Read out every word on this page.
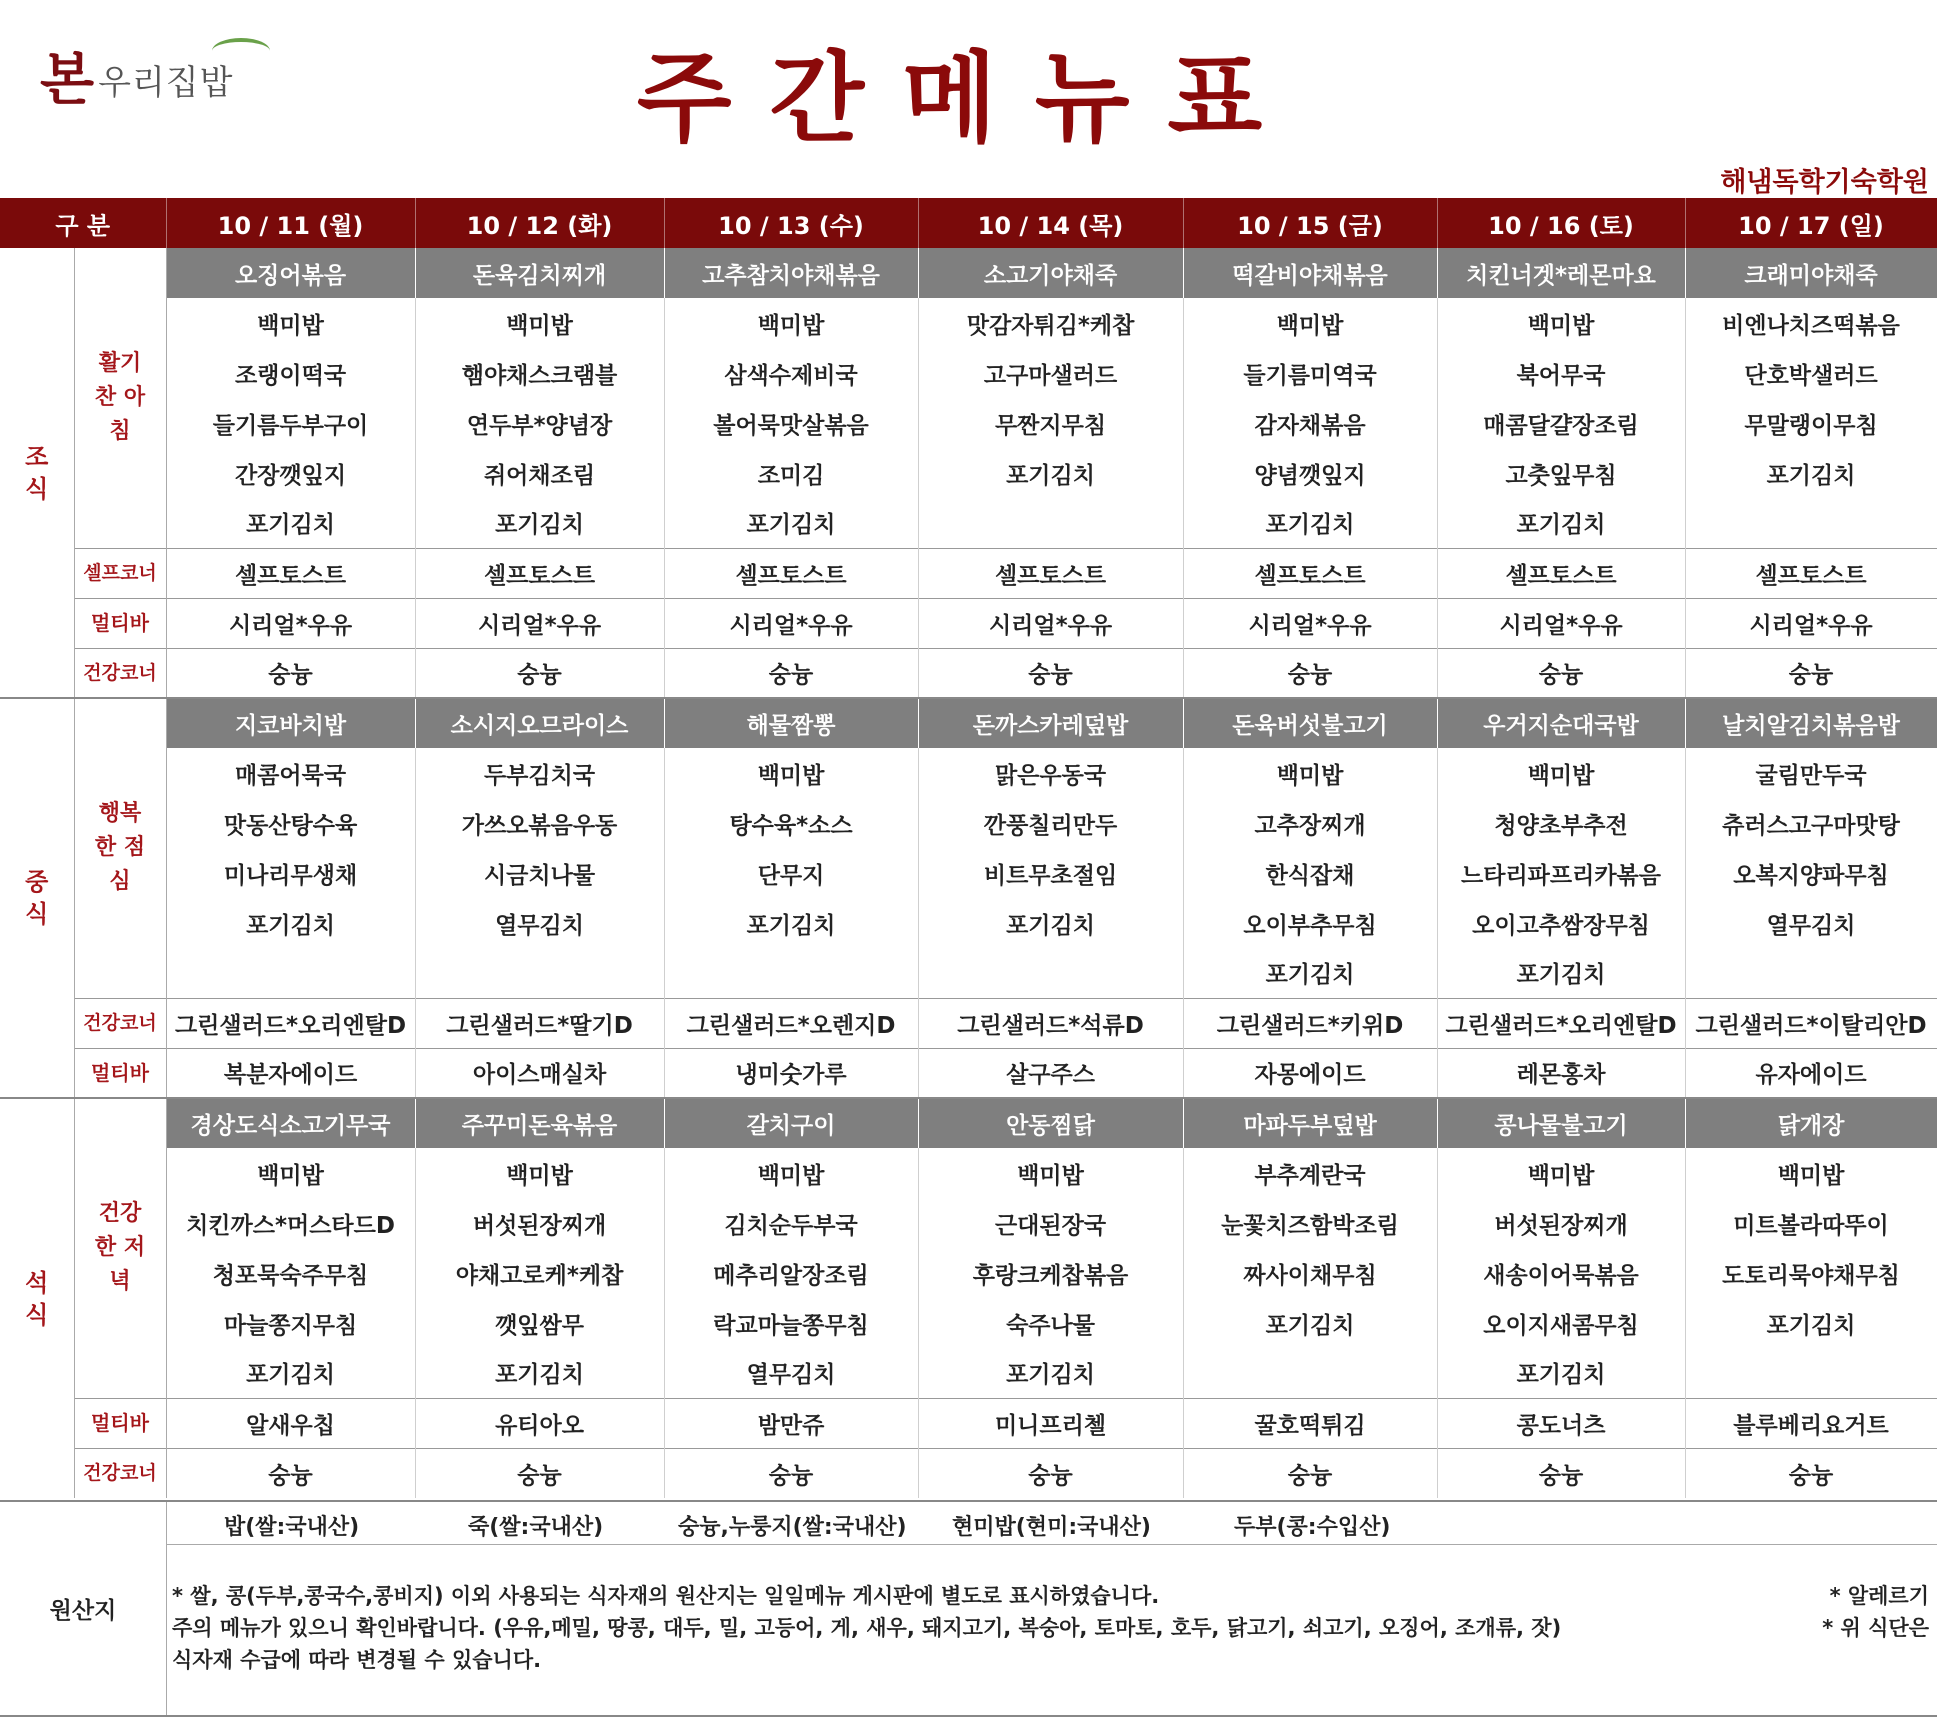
본 우리집밥	주간메뉴표
해냄독학기숙학원
구 분		10 / 11 (월)	10 / 12 (화)	10 / 13 (수)	10 / 14 (목)	10 / 15 (금)	10 / 16 (토)	10 / 17 (일)
조식	활기찬 아침	오징어볶음	돈육김치찌개	고추참치야채볶음	소고기야채죽	떡갈비야채볶음	치킨너겟*레몬마요	크래미야채죽
		백미밥	백미밥	백미밥	맛감자튀김*케찹	백미밥	백미밥	비엔나치즈떡볶음
		조랭이떡국	햄야채스크램블	삼색수제비국	고구마샐러드	들기름미역국	북어무국	단호박샐러드
		들기름두부구이	연두부*양념장	볼어묵맛살볶음	무짠지무침	감자채볶음	매콤달걀장조림	무말랭이무침
		간장깻잎지	쥐어채조림	조미김	포기김치	양념깻잎지	고춧잎무침	포기김치
		포기김치	포기김치	포기김치		포기김치	포기김치	
	셀프코너	셀프토스트	셀프토스트	셀프토스트	셀프토스트	셀프토스트	셀프토스트	셀프토스트
	멀티바	시리얼*우유	시리얼*우유	시리얼*우유	시리얼*우유	시리얼*우유	시리얼*우유	시리얼*우유
	건강코너	숭늉	숭늉	숭늉	숭늉	숭늉	숭늉	숭늉
중식	행복한 점심	지코바치밥	소시지오므라이스	해물짬뽕	돈까스카레덮밥	돈육버섯불고기	우거지순대국밥	날치알김치볶음밥
		매콤어묵국	두부김치국	백미밥	맑은우동국	백미밥	백미밥	굴림만두국
		맛동산탕수육	가쓰오볶음우동	탕수육*소스	깐풍칠리만두	고추장찌개	청양초부추전	츄러스고구마맛탕
		미나리무생채	시금치나물	단무지	비트무초절임	한식잡채	느타리파프리카볶음	오복지양파무침
		포기김치	열무김치	포기김치	포기김치	오이부추무침	오이고추쌈장무침	열무김치
						포기김치	포기김치	
	건강코너	그린샐러드*오리엔탈D	그린샐러드*딸기D	그린샐러드*오렌지D	그린샐러드*석류D	그린샐러드*키위D	그린샐러드*오리엔탈D	그린샐러드*이탈리안D
	멀티바	복분자에이드	아이스매실차	냉미숫가루	살구주스	자몽에이드	레몬홍차	유자에이드
석식	건강한 저녁	경상도식소고기무국	주꾸미돈육볶음	갈치구이	안동찜닭	마파두부덮밥	콩나물불고기	닭개장
		백미밥	백미밥	백미밥	백미밥	부추계란국	백미밥	백미밥
		치킨까스*머스타드D	버섯된장찌개	김치순두부국	근대된장국	눈꽃치즈함박조림	버섯된장찌개	미트볼라따뚜이
		청포묵숙주무침	야채고로케*케찹	메추리알장조림	후랑크케찹볶음	짜사이채무침	새송이어묵볶음	도토리묵야채무침
		마늘쫑지무침	깻잎쌈무	락교마늘쫑무침	숙주나물	포기김치	오이지새콤무침	포기김치
		포기김치	포기김치	열무김치	포기김치		포기김치	
	멀티바	알새우칩	유티아오	밤만쥬	미니프리첼	꿀호떡튀김	콩도너츠	블루베리요거트
	건강코너	숭늉	숭늉	숭늉	숭늉	숭늉	숭늉	숭늉
원산지
밥(쌀:국내산)	죽(쌀:국내산)	숭늉,누룽지(쌀:국내산) 현미밥(현미:국내산)	두부(콩:수입산)
* 쌀, 콩(두부,콩국수,콩비지) 이외 사용되는 식자재의 원산지는 일일메뉴 게시판에 별도로 표시하였습니다.
주의 메뉴가 있으니 확인바랍니다. (우유,메밀, 땅콩, 대두, 밀, 고등어, 게, 새우, 돼지고기, 복숭아, 토마토, 호두, 닭고기, 쇠고기, 오징어, 조개류, 잣)
식자재 수급에 따라 변경될 수 있습니다.
* 알레르기
* 위 식단은
